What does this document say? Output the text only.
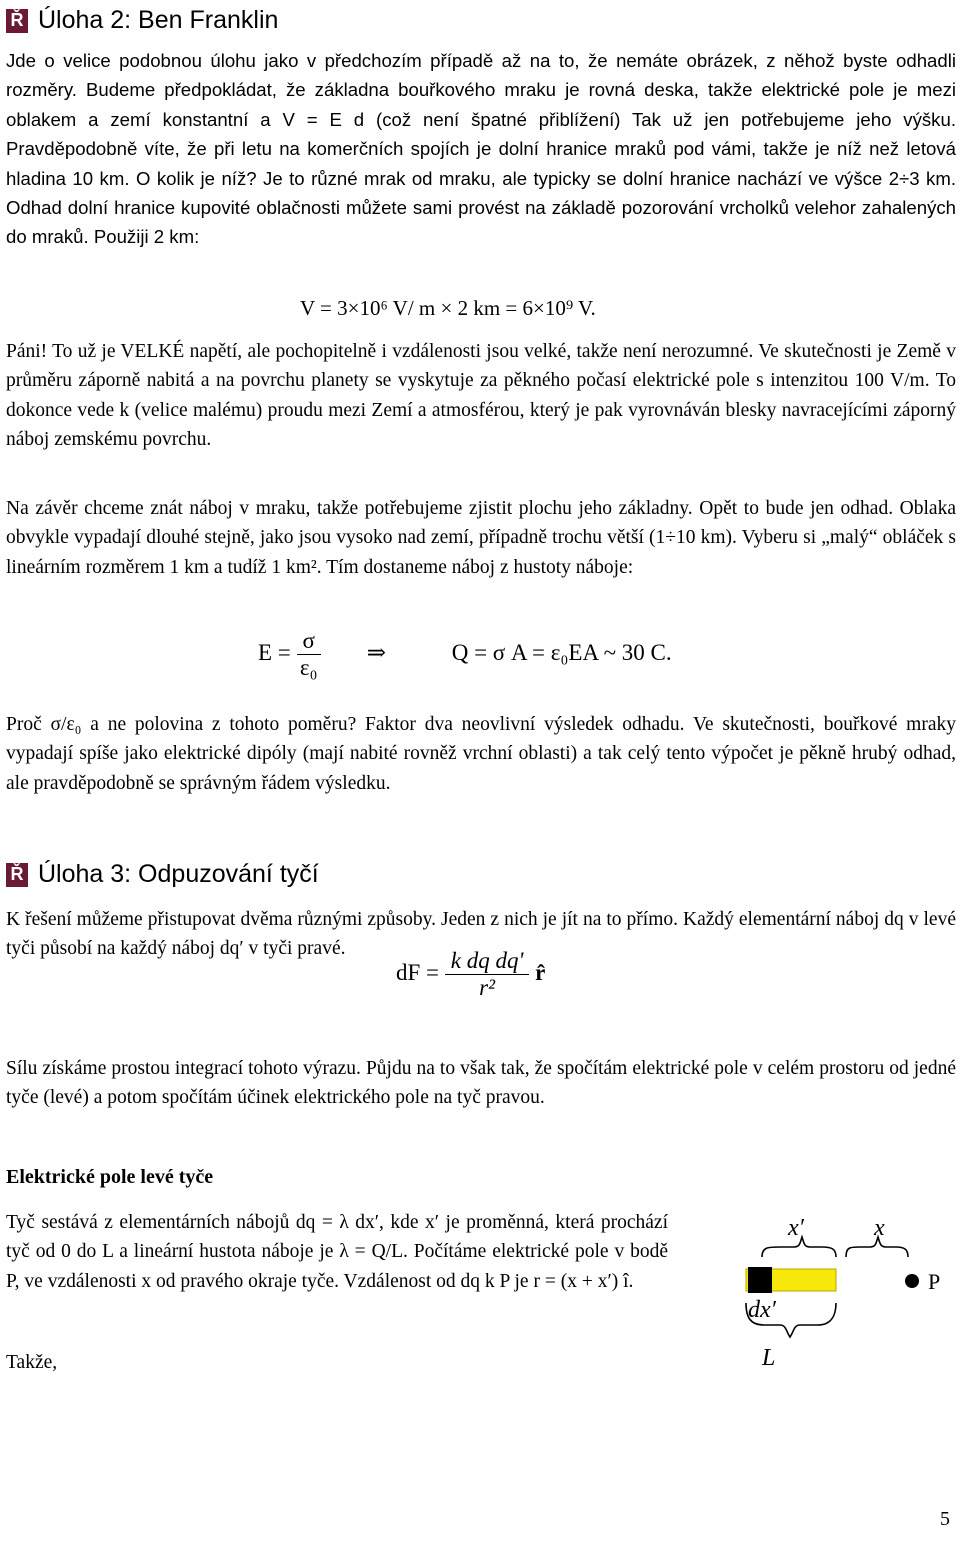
Ř Úloha 2: Ben Franklin

Jde o velice podobnou úlohu jako v předchozím případě až na to, že nemáte obrázek, z něhož byste odhadli rozměry. Budeme předpokládat, že základna bouřkového mraku je rovná deska, takže elektrické pole je mezi oblakem a zemí konstantní a V = E d (což není špatné přiblížení) Tak už jen potřebujeme jeho výšku. Pravděpodobně víte, že při letu na komerčních spojích je dolní hranice mraků pod vámi, takže je níž než letová hladina 10 km. O kolik je níž? Je to různé mrak od mraku, ale typicky se dolní hranice nachází ve výšce 2÷3 km. Odhad dolní hranice kupovité oblačnosti můžete sami provést na základě pozorování vrcholků velehor zahalených do mraků. Použiji 2 km:

V = 3×10⁶ V/ m × 2 km = 6×10⁹ V.

Páni! To už je VELKÉ napětí, ale pochopitelně i vzdálenosti jsou velké, takže není nerozumné. Ve skutečnosti je Země v průměru záporně nabitá a na povrchu planety se vyskytuje za pěkného počasí elektrické pole s intenzitou 100 V/m. To dokonce vede k (velice malému) proudu mezi Zemí a atmosférou, který je pak vyrovnáván blesky navracejícími záporný náboj zemskému povrchu.

Na závěr chceme znát náboj v mraku, takže potřebujeme zjistit plochu jeho základny. Opět to bude jen odhad. Oblaka obvykle vypadají dlouhé stejně, jako jsou vysoko nad zemí, případně trochu větší (1÷10 km). Vyberu si „malý“ obláček s lineárním rozměrem 1 km a tudíž 1 km². Tím dostaneme náboj z hustoty náboje:

$E = \frac{\sigma}{\text{ε₀}}$ ⇒	Q = σ A = ε₀EA ~ 30 C.

Proč σ/ε₀ a ne polovina z tohoto poměru? Faktor dva neovlivní výsledek odhadu. Ve skutečnosti, bouřkové mraky vypadají spíše jako elektrické dipóly (mají nabité rovněž vrchní oblasti) a tak celý tento výpočet je pěkně hrubý odhad, ale pravděpodobně se správným řádem výsledku.

Ř Úloha 3: Odpuzování tyčí

K řešení můžeme přistupovat dvěma různými způsoby. Jeden z nich je jít na to přímo. Každý elementární náboj dq v levé tyči působí na každý náboj dq′ v tyči pravé.

dF = $\frac{\text{k dq dq'}}{\text{r²}}$ r̂

Sílu získáme prostou integrací tohoto výrazu. Půjdu na to však tak, že spočítám elektrické pole v celém prostoru od jedné tyče (levé) a potom spočítám účinek elektrického pole na tyč pravou.

Elektrické pole levé tyče

Tyč sestává z elementárních nábojů dq = λ dx′, kde x′ je proměnná, která prochází tyč od 0 do L a lineární hustota náboje je λ = Q/L. Počítáme elektrické pole v bodě P, ve vzdálenosti x od pravého okraje tyče. Vzdálenost od dq k P je r = (x + x′) î.

Takže,

x′	x
P
dx′
L
5
